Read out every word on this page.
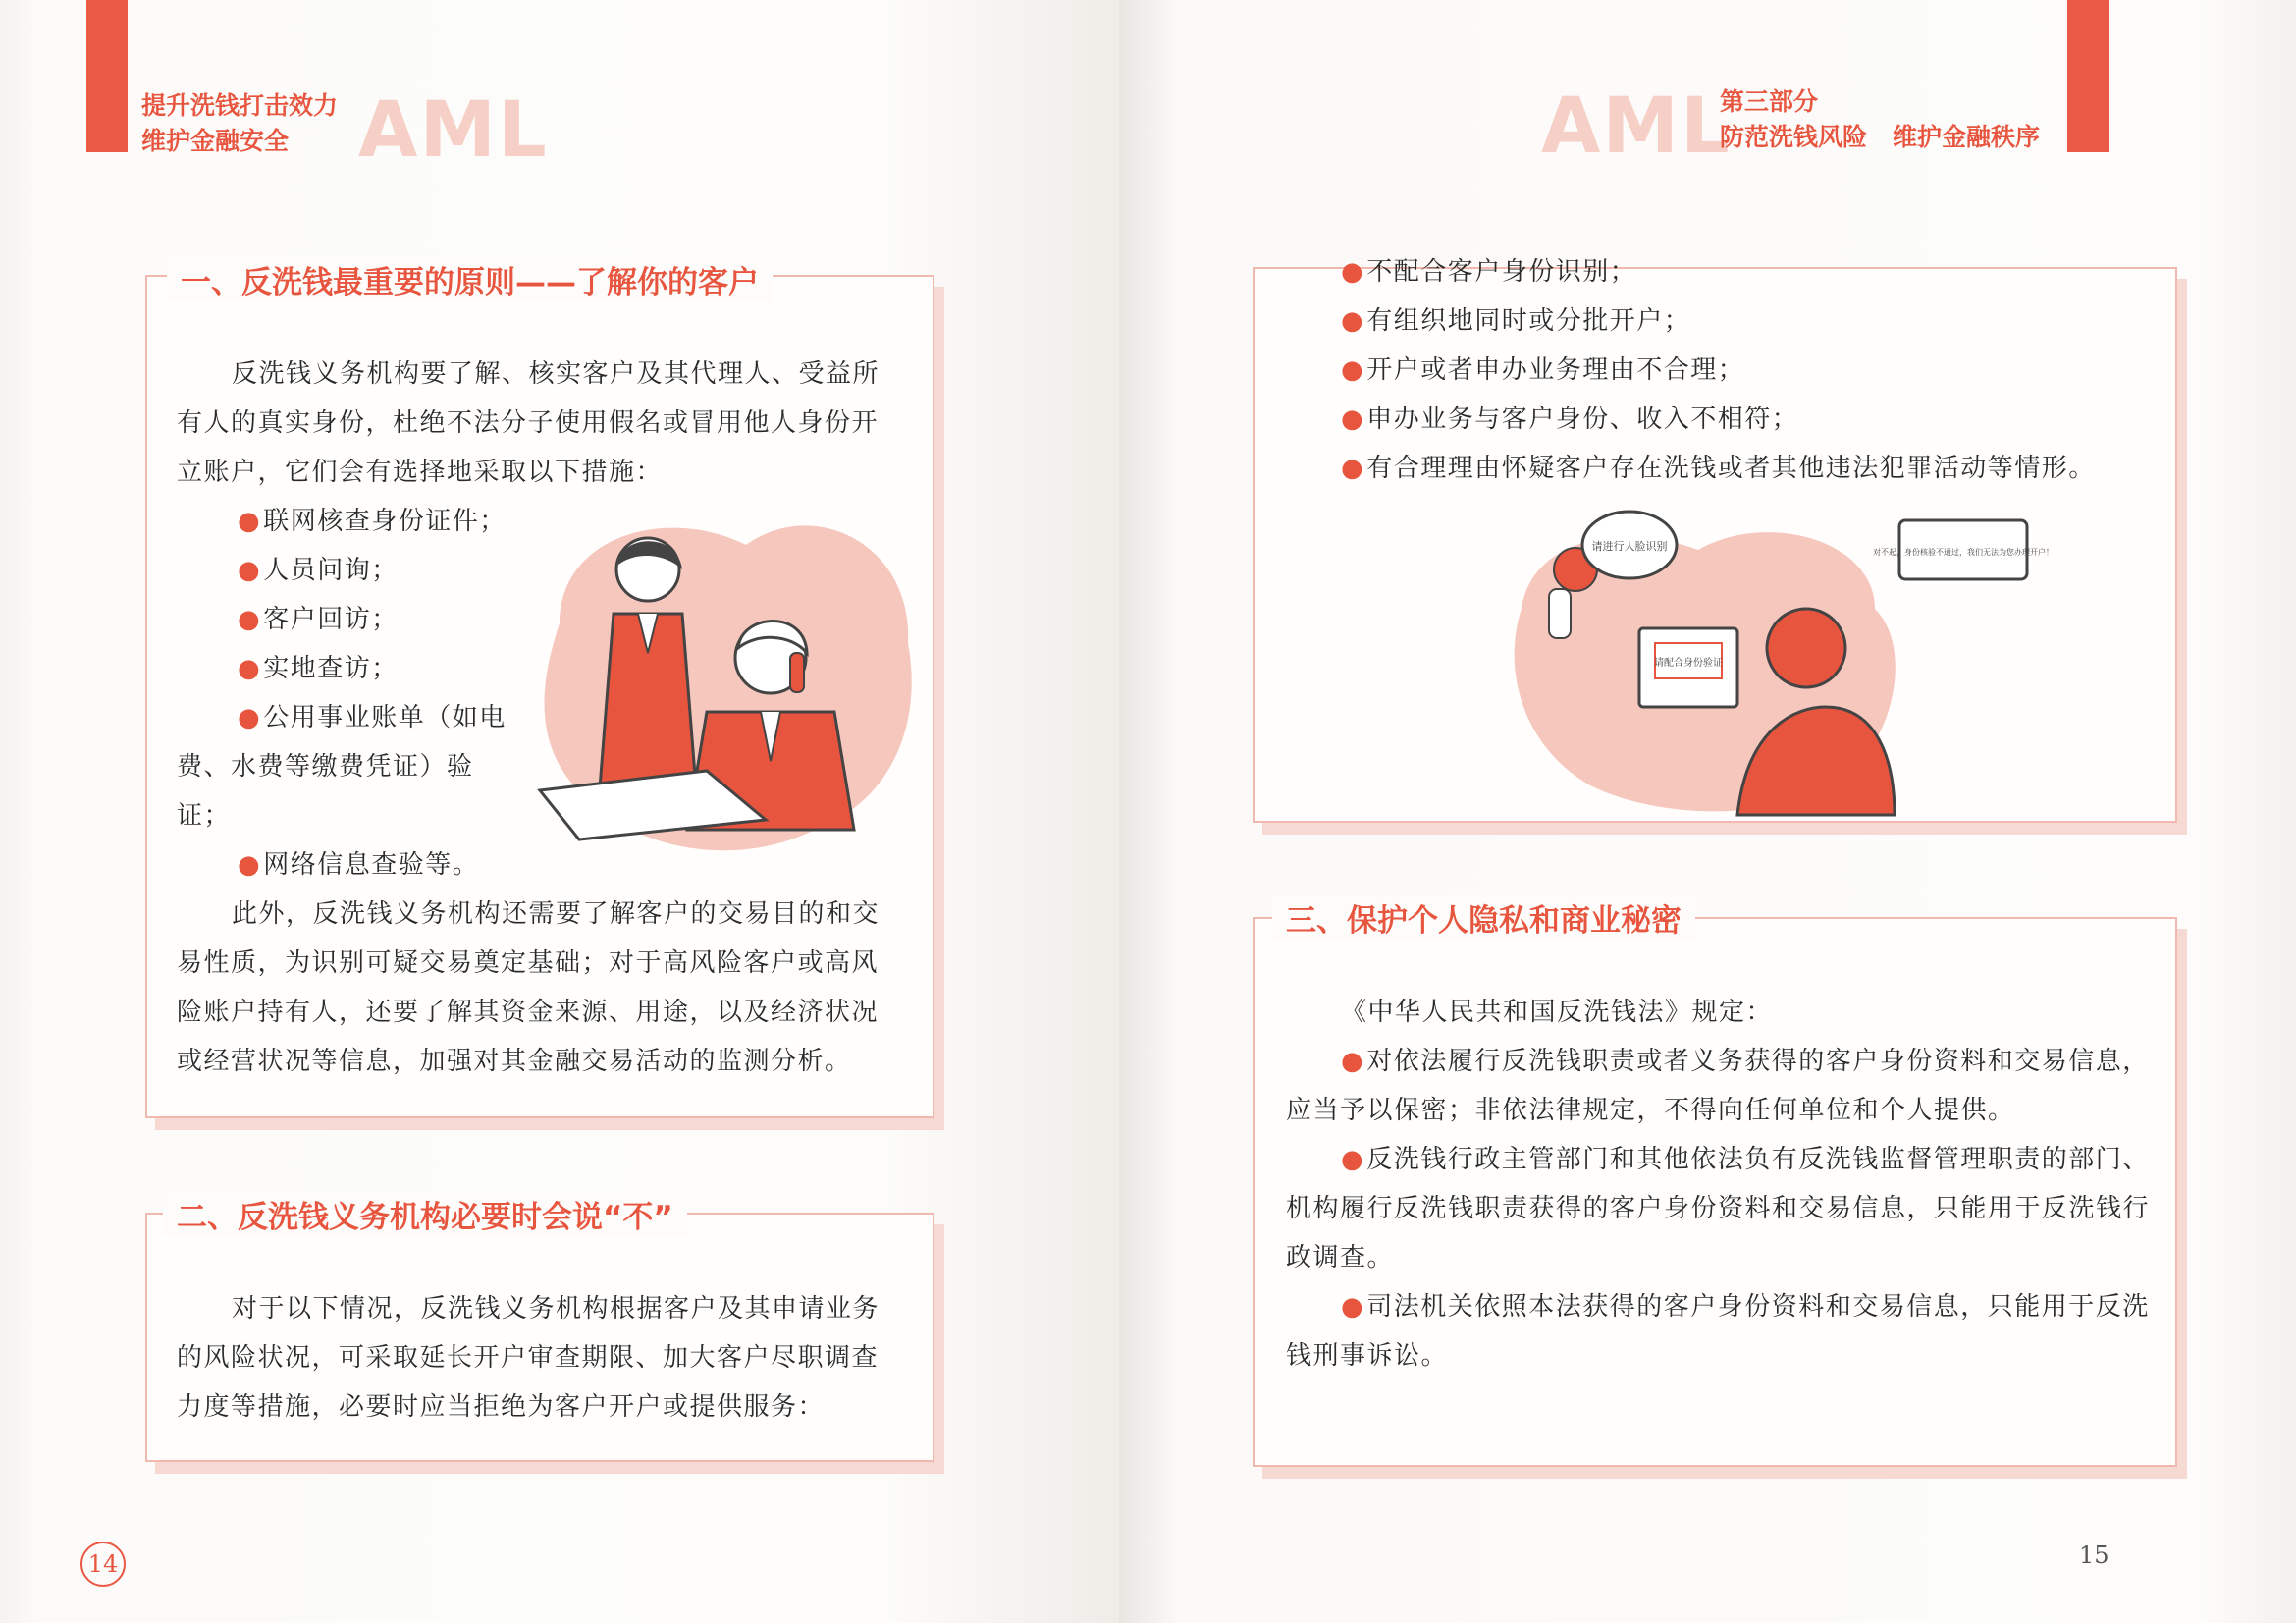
提升洗钱打击效力
维护金融安全 AML
一、反洗钱最重要的原则——了解你的客户

反洗钱义务机构要了解、核实客户及其代理人、受益所有人的真实身份，杜绝不法分子使用假名或冒用他人身份开立账户，它们会有选择地采取以下措施：

● 联网核查身份证件；

● 人员问询；

● 客户回访；

● 实地查访；

● 公用事业账单（如电费、水费等缴费凭证）验证；

● 网络信息查验等。

此外，反洗钱义务机构还需要了解客户的交易目的和交易性质，为识别可疑交易奠定基础；对于高风险客户或高风险账户持有人，还要了解其资金来源、用途，以及经济状况或经营状况等信息，加强对其金融交易活动的监测分析。

二、反洗钱义务机构必要时会说“不”

对于以下情况，反洗钱义务机构根据客户及其申请业务的风险状况，可采取延长开户审查期限、加大客户尽职调查力度等措施，必要时应当拒绝为客户开户或提供服务：

14
AML
第三部分
防范洗钱风险 维护金融秩序

● 不配合客户身份识别；

● 有组织地同时或分批开户；

● 开户或者申办业务理由不合理；

● 申办业务与客户身份、收入不相符；

● 有合理理由怀疑客户存在洗钱或者其他违法犯罪活动等情形。

请配合身份验证
请进行人脸识别	对不起，身份核验不通过，我们无法为您办理开户！
三、保护个人隐私和商业秘密

《中华人民共和国反洗钱法》规定：

● 对依法履行反洗钱职责或者义务获得的客户身份资料和交易信息，应当予以保密；非依法律规定，不得向任何单位和个人提供。

● 反洗钱行政主管部门和其他依法负有反洗钱监督管理职责的部门、机构履行反洗钱职责获得的客户身份资料和交易信息，只能用于反洗钱行政调查。

● 司法机关依照本法获得的客户身份资料和交易信息，只能用于反洗钱刑事诉讼。

15
